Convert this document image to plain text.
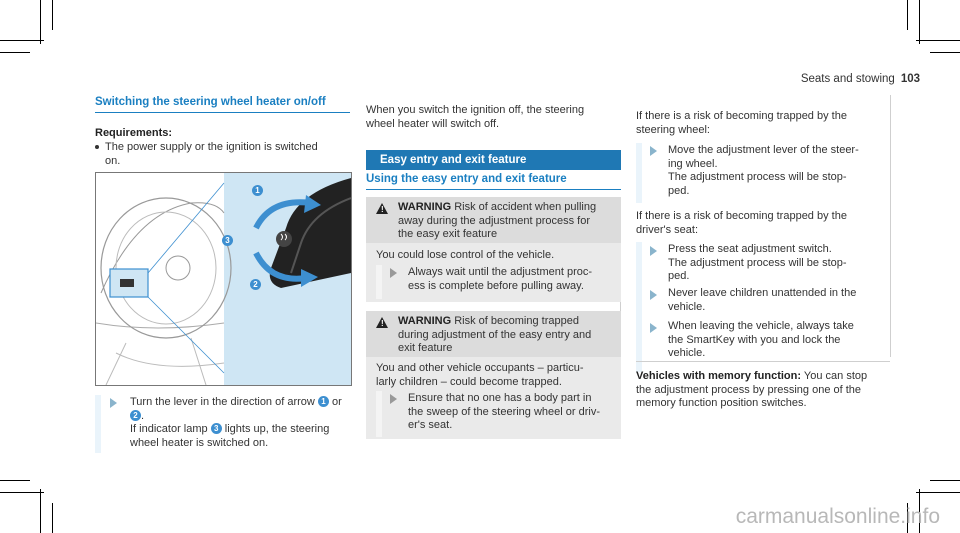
Seats and stowing 103
Switching the steering wheel heater on/off
Requirements:
The power supply or the ignition is switched
on.
1
3
2
Turn the lever in the direction of arrow 1 or
2 .
If indicator lamp 3 lights up, the steering
wheel heater is switched on.
When you switch the ignition off, the steering
wheel heater will switch off.
Easy entry and exit feature
Using the easy entry and exit feature
! WARNING Risk of accident when pulling
away during the adjustment process for
the easy exit feature
You could lose control of the vehicle.
Always wait until the adjustment proc-
ess is complete before pulling away.
! WARNING Risk of becoming trapped
during adjustment of the easy entry and
exit feature
You and other vehicle occupants – particu-
larly children – could become trapped.
Ensure that no one has a body part in
the sweep of the steering wheel or driv-
er's seat.
If there is a risk of becoming trapped by the
steering wheel:
Move the adjustment lever of the steer-
ing wheel.
The adjustment process will be stop-
ped.
If there is a risk of becoming trapped by the
driver's seat:
Press the seat adjustment switch.
The adjustment process will be stop-
ped.
Never leave children unattended in the
vehicle.
When leaving the vehicle, always take
the SmartKey with you and lock the
vehicle.
Vehicles with memory function: You can stop
the adjustment process by pressing one of the
memory function position switches.
carmanualsonline.info
